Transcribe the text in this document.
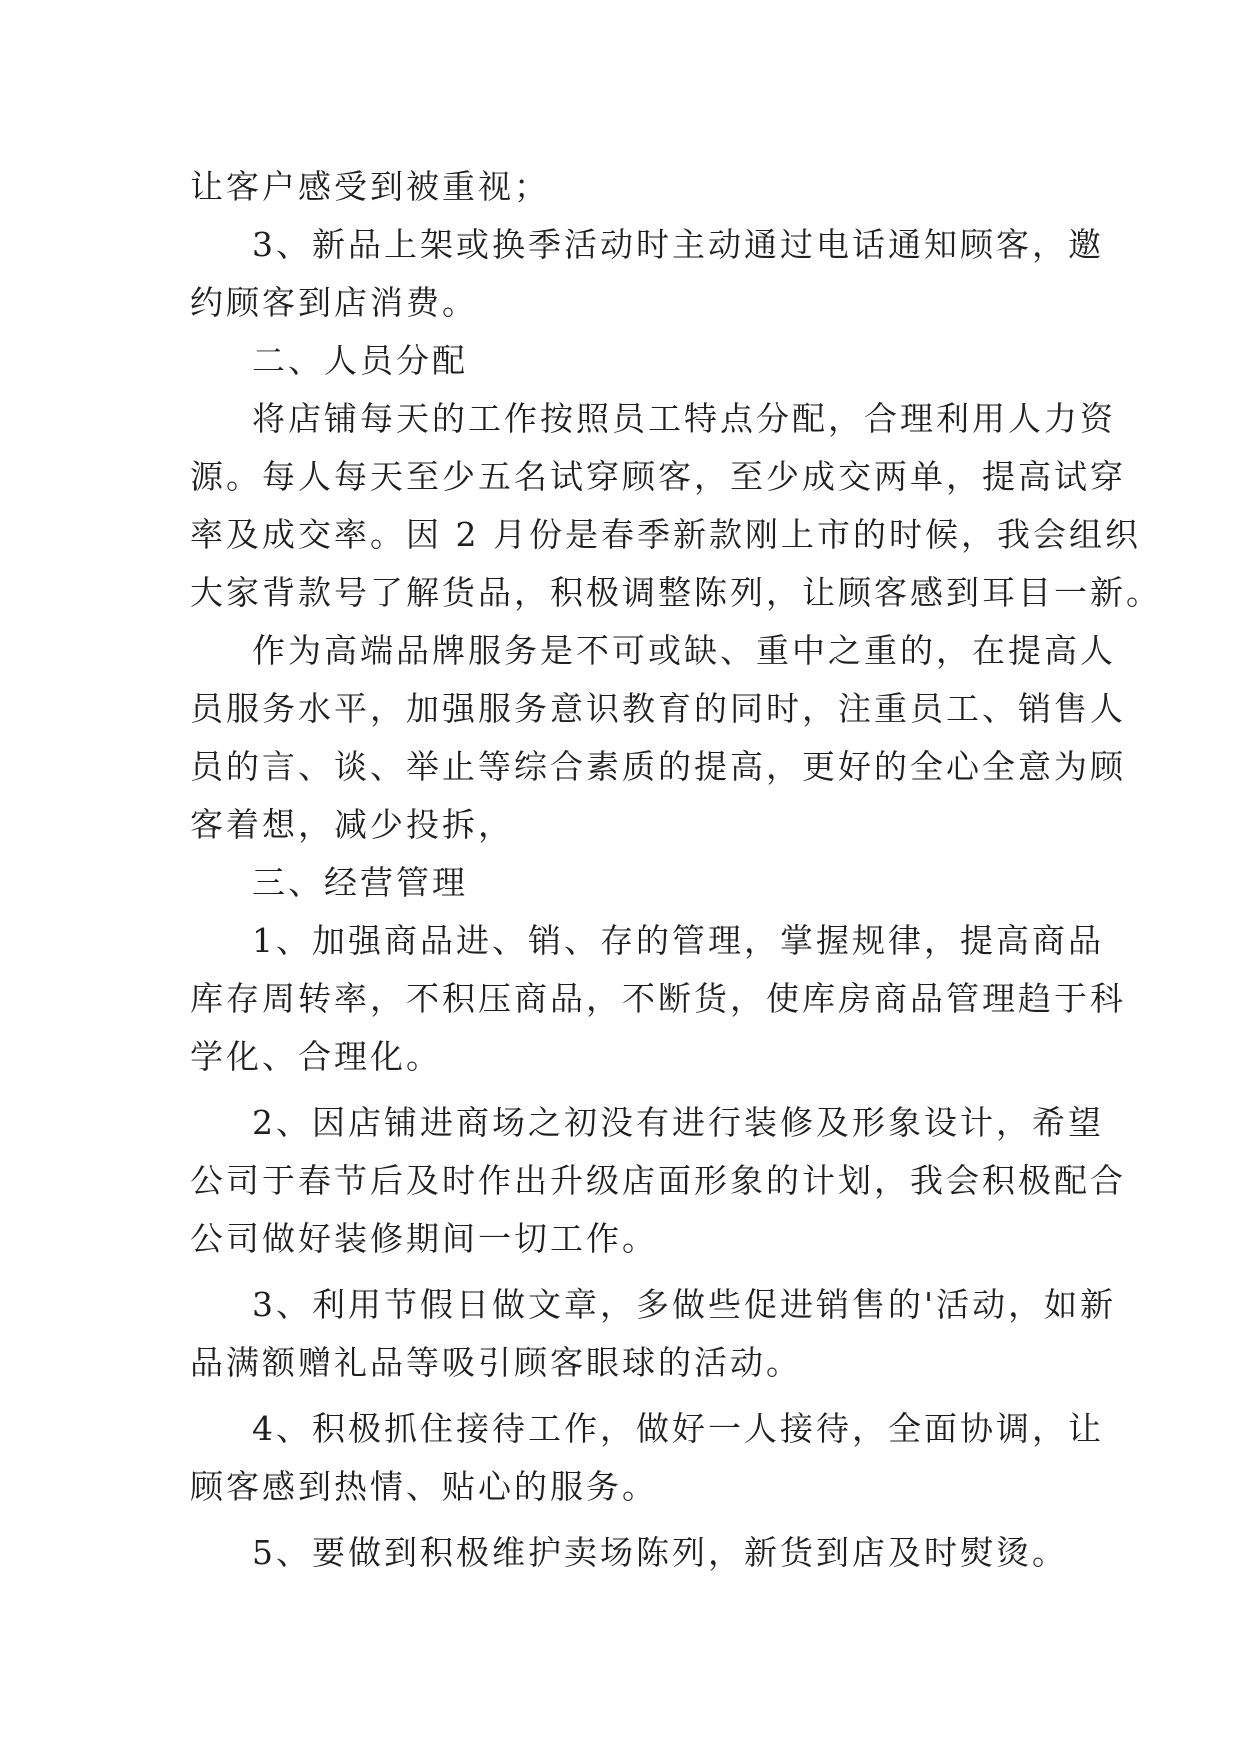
让客户感受到被重视；
3、新品上架或换季活动时主动通过电话通知顾客，邀
约顾客到店消费。
二、人员分配
将店铺每天的工作按照员工特点分配，合理利用人力资
源。每人每天至少五名试穿顾客，至少成交两单，提高试穿
率及成交率。因 2 月份是春季新款刚上市的时候，我会组织
大家背款号了解货品，积极调整陈列，让顾客感到耳目一新。
作为高端品牌服务是不可或缺、重中之重的，在提高人
员服务水平，加强服务意识教育的同时，注重员工、销售人
员的言、谈、举止等综合素质的提高，更好的全心全意为顾
客着想，减少投拆，
三、经营管理
1、加强商品进、销、存的管理，掌握规律，提高商品
库存周转率，不积压商品，不断货，使库房商品管理趋于科
学化、合理化。
2、因店铺进商场之初没有进行装修及形象设计，希望
公司于春节后及时作出升级店面形象的计划，我会积极配合
公司做好装修期间一切工作。
3、利用节假日做文章，多做些促进销售的'活动，如新
品满额赠礼品等吸引顾客眼球的活动。
4、积极抓住接待工作，做好一人接待，全面协调，让
顾客感到热情、贴心的服务。
5、要做到积极维护卖场陈列，新货到店及时熨烫。
